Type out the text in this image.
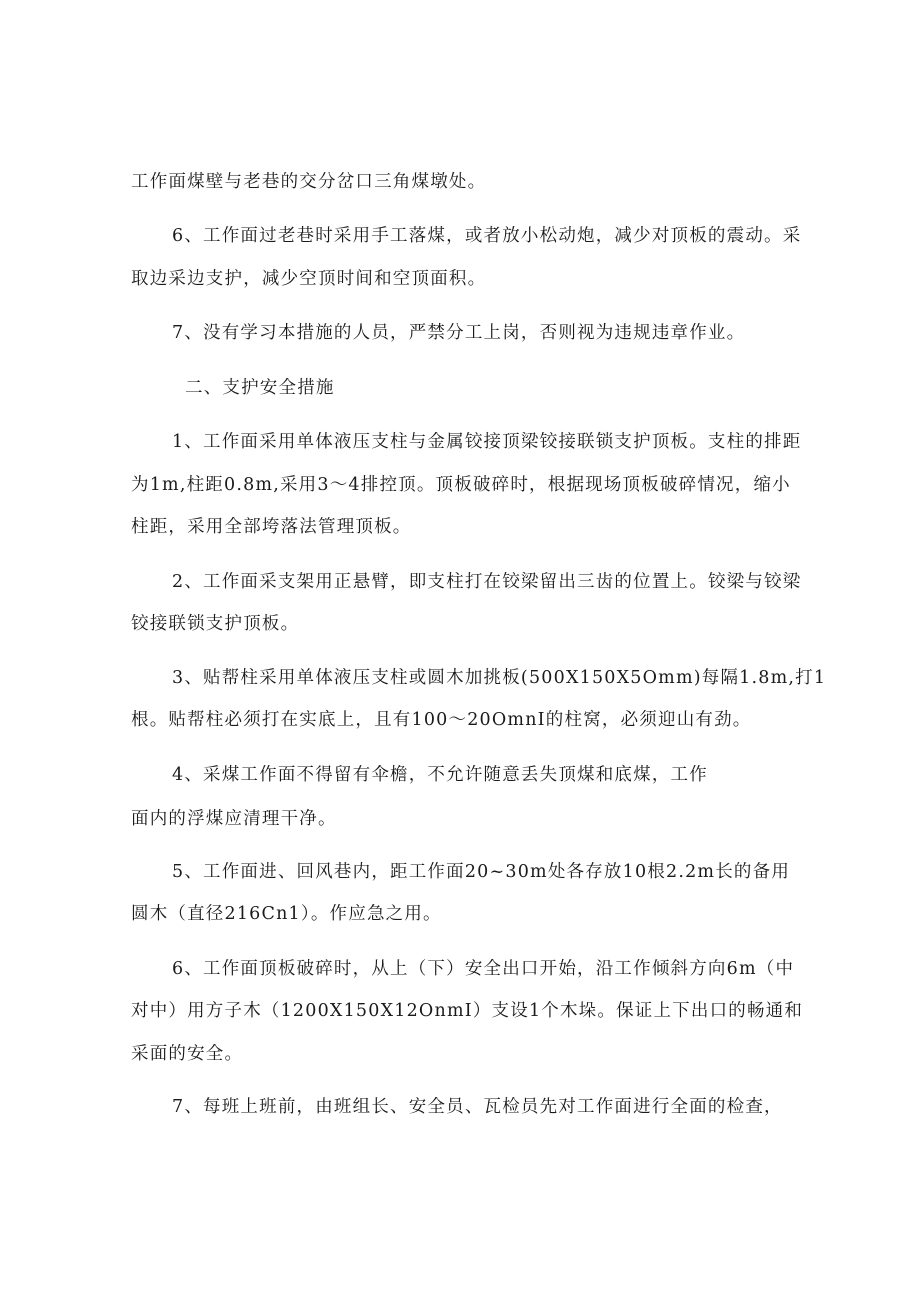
工作面煤壁与老巷的交分岔口三角煤墩处。
6、工作面过老巷时采用手工落煤，或者放小松动炮，减少对顶板的震动。采
取边采边支护，减少空顶时间和空顶面积。
7、没有学习本措施的人员，严禁分工上岗，否则视为违规违章作业。
二、支护安全措施
1、工作面采用单体液压支柱与金属铰接顶梁铰接联锁支护顶板。支柱的排距
为1m,柱距0.8m,采用3～4排控顶。顶板破碎时，根据现场顶板破碎情况，缩小
柱距，采用全部垮落法管理顶板。
2、工作面采支架用正悬臂，即支柱打在铰梁留出三齿的位置上。铰梁与铰梁
铰接联锁支护顶板。
3、贴帮柱采用单体液压支柱或圆木加挑板(500X150X5Omm)每隔1.8m,打1
根。贴帮柱必须打在实底上，且有100～20OmnI的柱窝，必须迎山有劲。
4、采煤工作面不得留有伞檐，不允许随意丢失顶煤和底煤，工作
面内的浮煤应清理干净。
5、工作面进、回风巷内，距工作面20~30m处各存放10根2.2m长的备用
圆木（直径216Cn1）。作应急之用。
6、工作面顶板破碎时，从上（下）安全出口开始，沿工作倾斜方向6m（中
对中）用方子木（1200X150X12OnmI）支设1个木垛。保证上下出口的畅通和
采面的安全。
7、每班上班前，由班组长、安全员、瓦检员先对工作面进行全面的检查，
